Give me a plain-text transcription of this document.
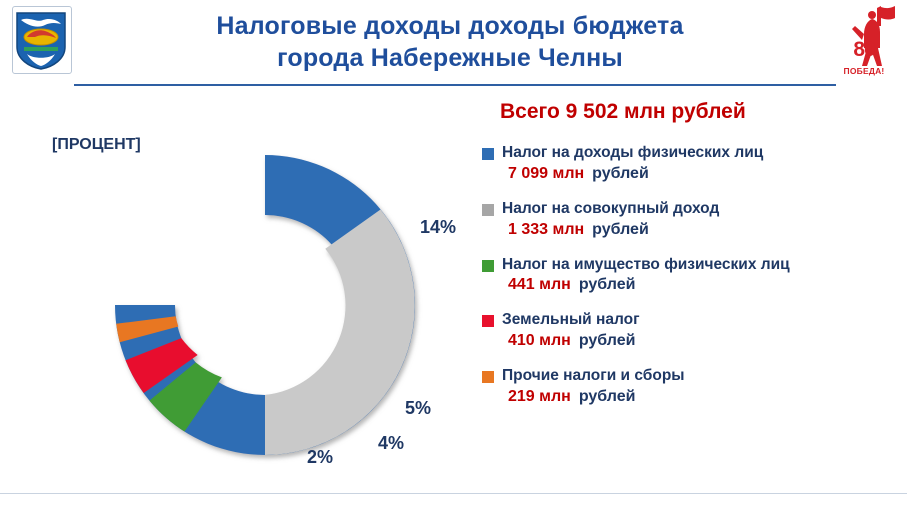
Налоговые доходы доходы бюджета
города Набережные Челны	80
ПОБЕДА!
[ПРОЦЕНТ]
14%
5%
4%
2%
Всего 9 502 млн рублей
Налог на доходы физических лиц
7 099 млн рублей
Налог на совокупный доход
1 333 млн рублей
Налог на имущество физических лиц
441 млн рублей
Земельный налог
410 млн рублей
Прочие налоги и сборы
219 млн рублей
